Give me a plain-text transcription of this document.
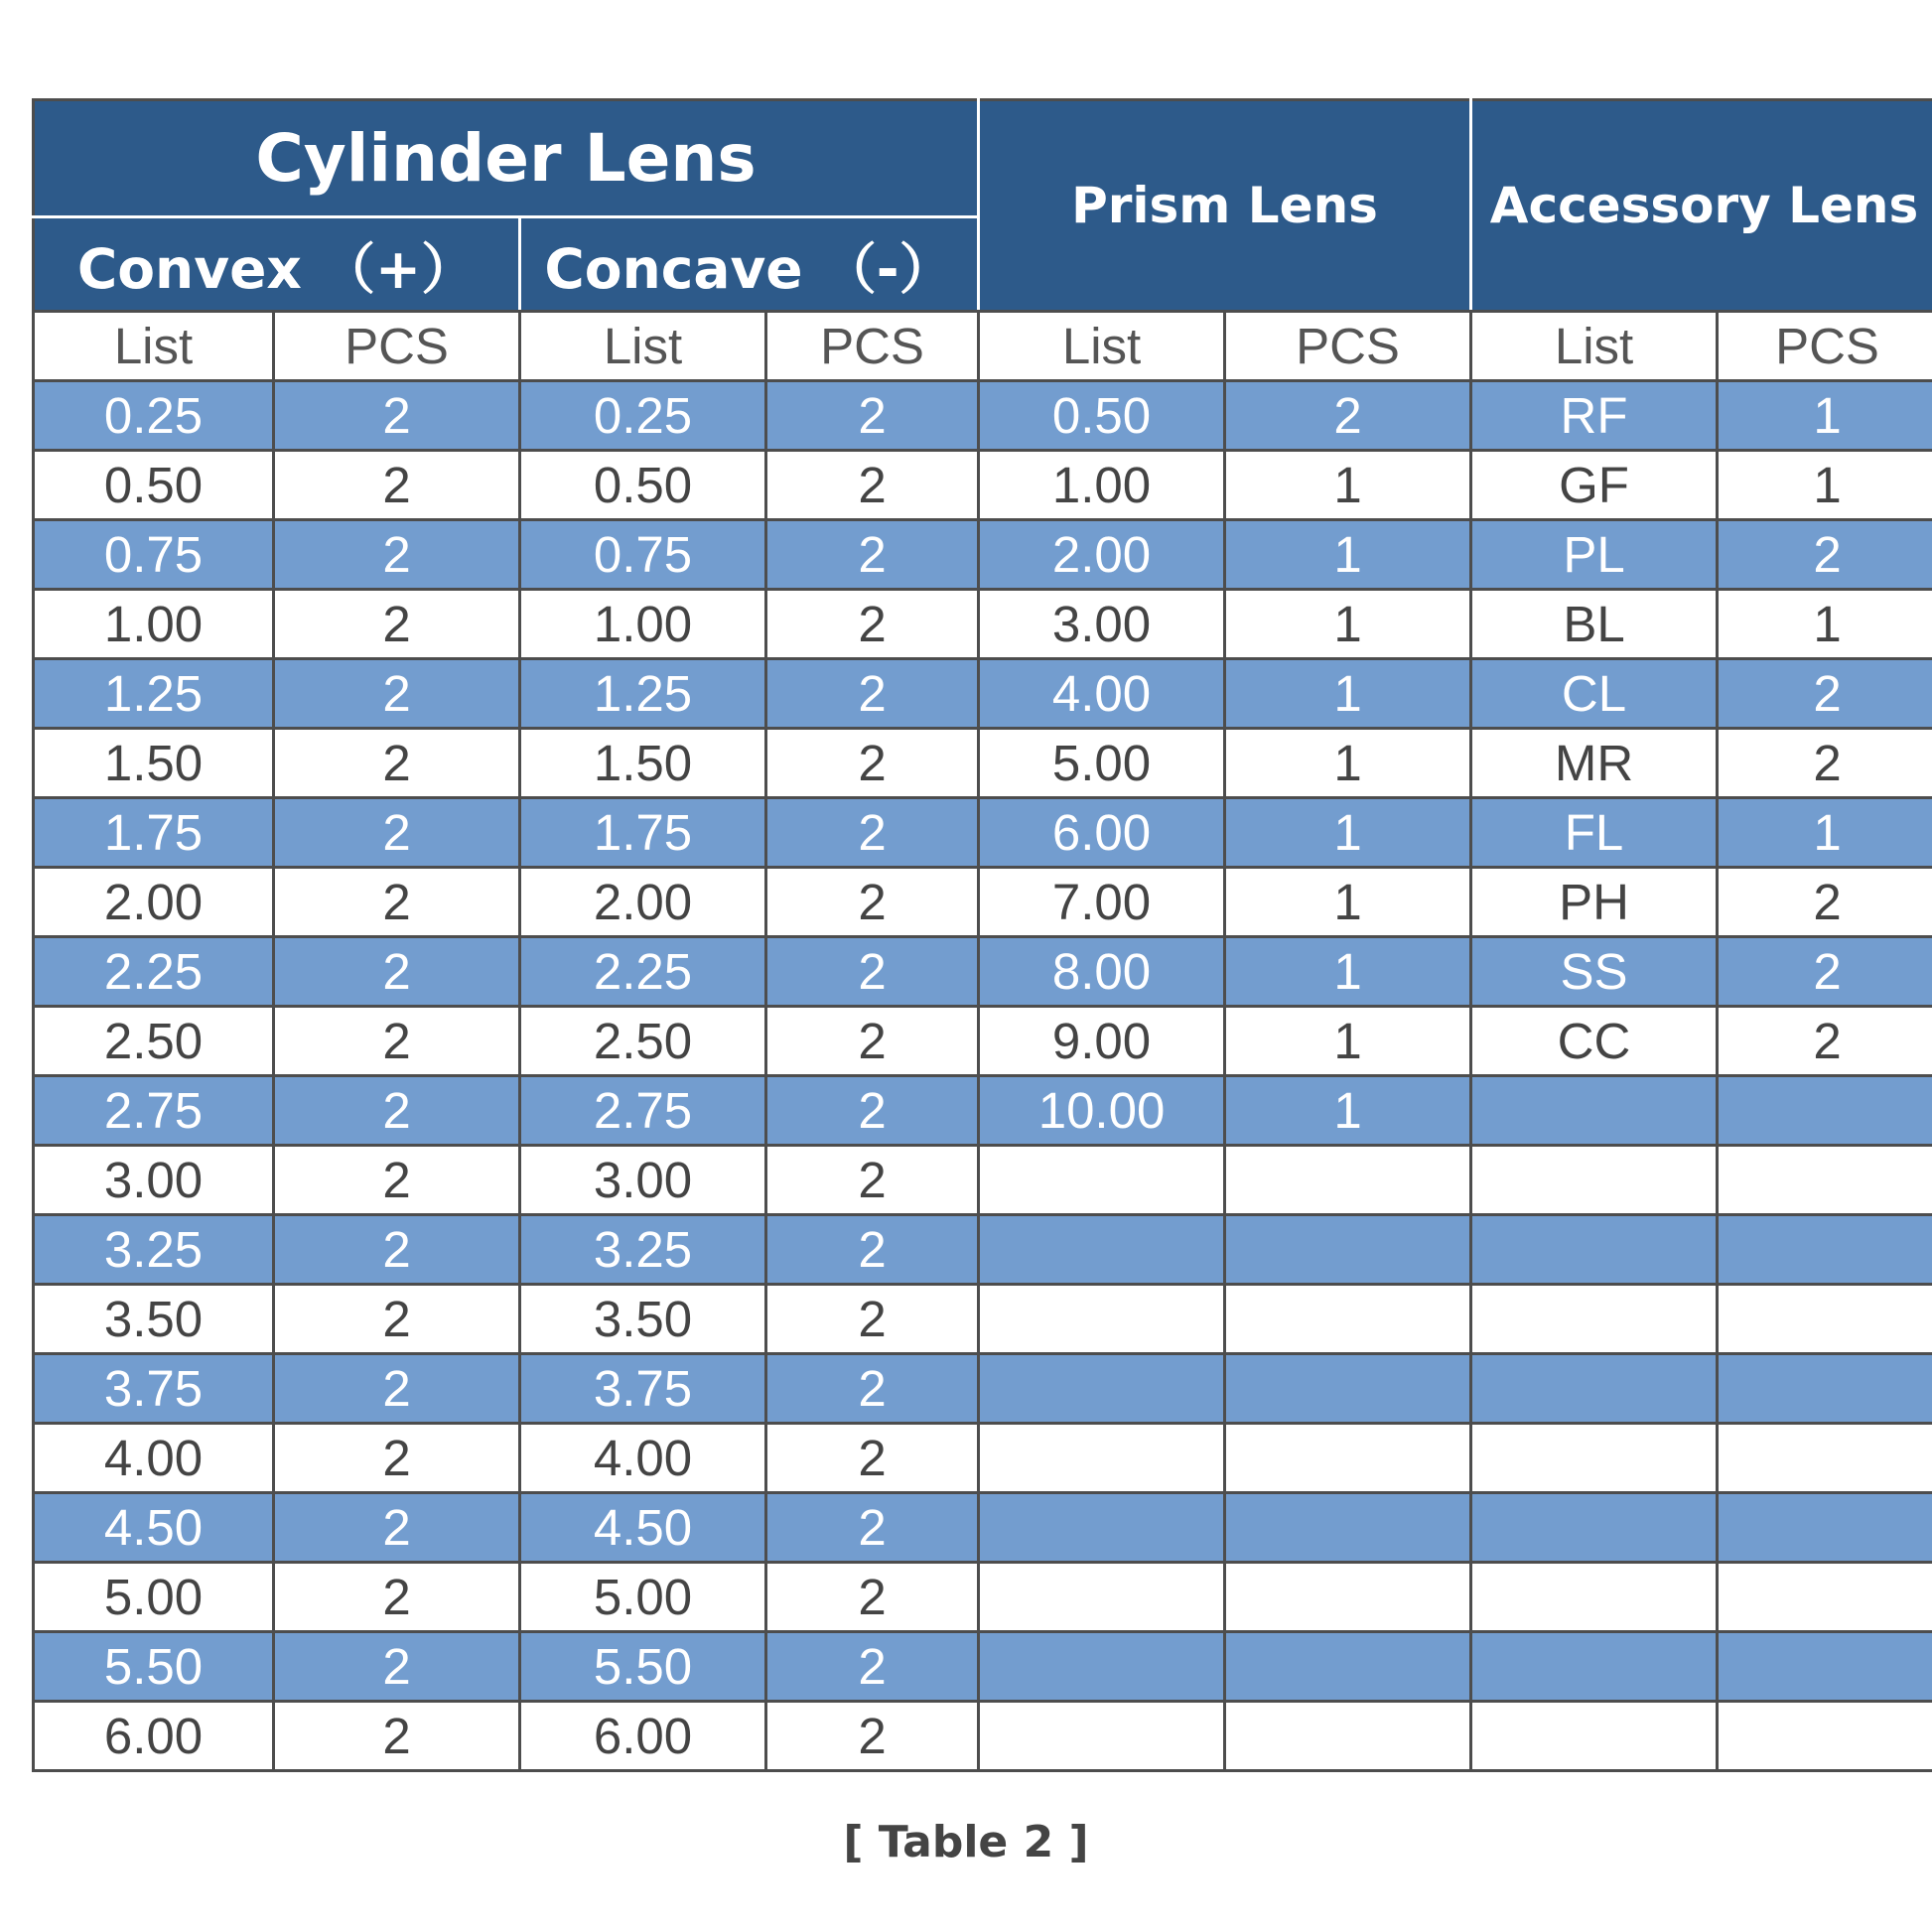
Cylinder Lens				Prism Lens		Accessory Lens	
Convex （+）		Concave （-）					
List	PCS	List	PCS	List	PCS	List	PCS
0.25	2	0.25	2	0.50	2	RF	1
0.50	2	0.50	2	1.00	1	GF	1
0.75	2	0.75	2	2.00	1	PL	2
1.00	2	1.00	2	3.00	1	BL	1
1.25	2	1.25	2	4.00	1	CL	2
1.50	2	1.50	2	5.00	1	MR	2
1.75	2	1.75	2	6.00	1	FL	1
2.00	2	2.00	2	7.00	1	PH	2
2.25	2	2.25	2	8.00	1	SS	2
2.50	2	2.50	2	9.00	1	CC	2
2.75	2	2.75	2	10.00	1		
3.00	2	3.00	2				
3.25	2	3.25	2				
3.50	2	3.50	2				
3.75	2	3.75	2				
4.00	2	4.00	2				
4.50	2	4.50	2				
5.00	2	5.00	2				
5.50	2	5.50	2				
6.00	2	6.00	2				
[ Table 2 ]
